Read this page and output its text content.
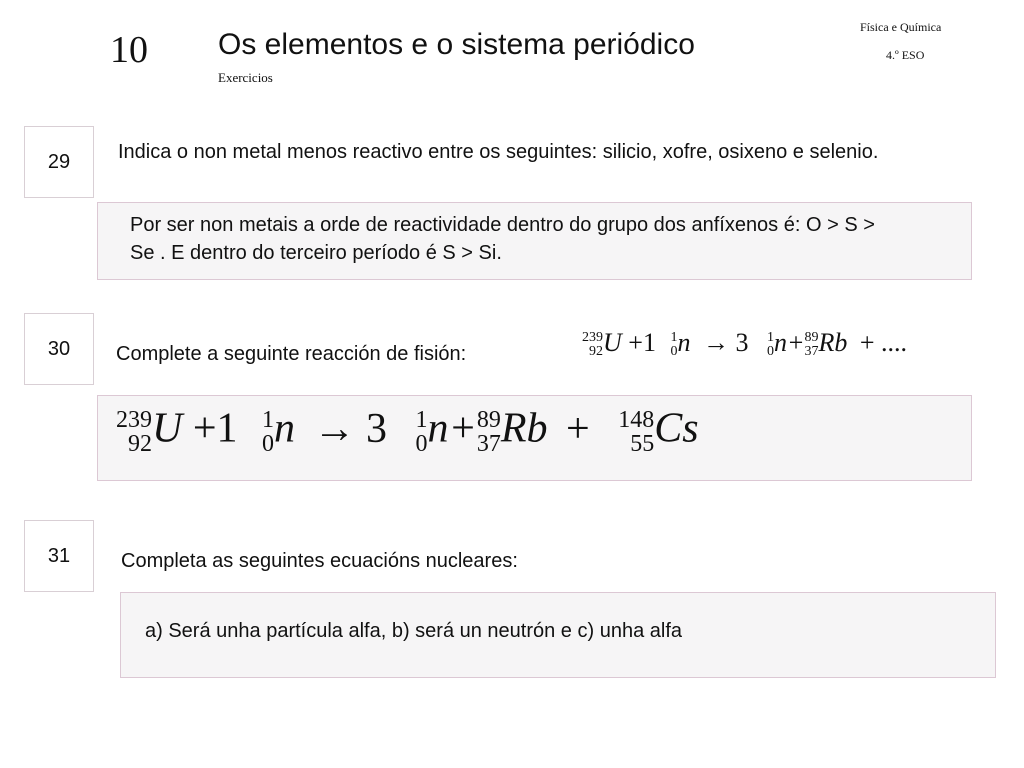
10 Os elementos e o sistema periódico
Exercicios
Física e Química
4.º ESO
29	Indica o non metal menos reactivo entre os seguintes: silicio, xofre, osixeno e selenio.
Por ser non metais a orde de reactividade dentro do grupo dos anfíxenos é: O > S > Se . E dentro do terceiro período é S > Si.
30	Complete a seguinte reacción de fisión:
239
92 U +1 1
0 n → 3 1
0 n+ 89
37 Rb + ....
239
92 U +1 1
0 n → 3 1
0 n+ 89
37 Rb + 148
55 Cs
31	Completa as seguintes ecuacións nucleares:
a) Será unha partícula alfa, b) será un neutrón e c) unha alfa
